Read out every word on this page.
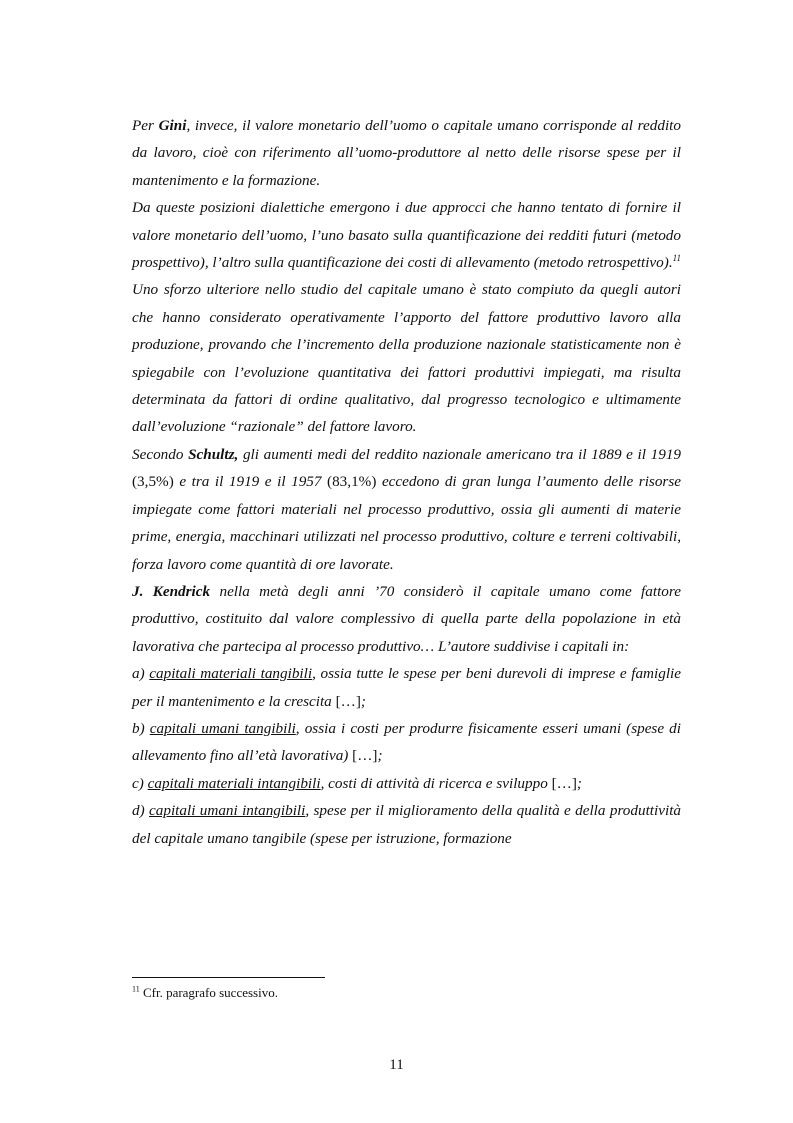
Per Gini, invece, il valore monetario dell’uomo o capitale umano corrisponde al reddito da lavoro, cioè con riferimento all’uomo-produttore al netto delle risorse spese per il mantenimento e la formazione.

Da queste posizioni dialettiche emergono i due approcci che hanno tentato di fornire il valore monetario dell’uomo, l’uno basato sulla quantificazione dei redditi futuri (metodo prospettivo), l’altro sulla quantificazione dei costi di allevamento (metodo retrospettivo).$^{11}$

Uno sforzo ulteriore nello studio del capitale umano è stato compiuto da quegli autori che hanno considerato operativamente l’apporto del fattore produttivo lavoro alla produzione, provando che l’incremento della produzione nazionale statisticamente non è spiegabile con l’evoluzione quantitativa dei fattori produttivi impiegati, ma risulta determinata da fattori di ordine qualitativo, dal progresso tecnologico e ultimamente dall’evoluzione “razionale” del fattore lavoro.

Secondo Schultz, gli aumenti medi del reddito nazionale americano tra il 1889 e il 1919 (3,5%) e tra il 1919 e il 1957 (83,1%) eccedono di gran lunga l’aumento delle risorse impiegate come fattori materiali nel processo produttivo, ossia gli aumenti di materie prime, energia, macchinari utilizzati nel processo produttivo, colture e terreni coltivabili, forza lavoro come quantità di ore lavorate.

J. Kendrick nella metà degli anni ’70 considerò il capitale umano come fattore produttivo, costituito dal valore complessivo di quella parte della popolazione in età lavorativa che partecipa al processo produttivo… L’autore suddivise i capitali in:

a) capitali materiali tangibili, ossia tutte le spese per beni durevoli di imprese e famiglie per il mantenimento e la crescita […];

b) capitali umani tangibili, ossia i costi per produrre fisicamente esseri umani (spese di allevamento fino all’età lavorativa) […];

c) capitali materiali intangibili, costi di attività di ricerca e sviluppo […];

d) capitali umani intangibili, spese per il miglioramento della qualità e della produttività del capitale umano tangibile (spese per istruzione, formazione

$^{11}$ Cfr. paragrafo successivo.
11
